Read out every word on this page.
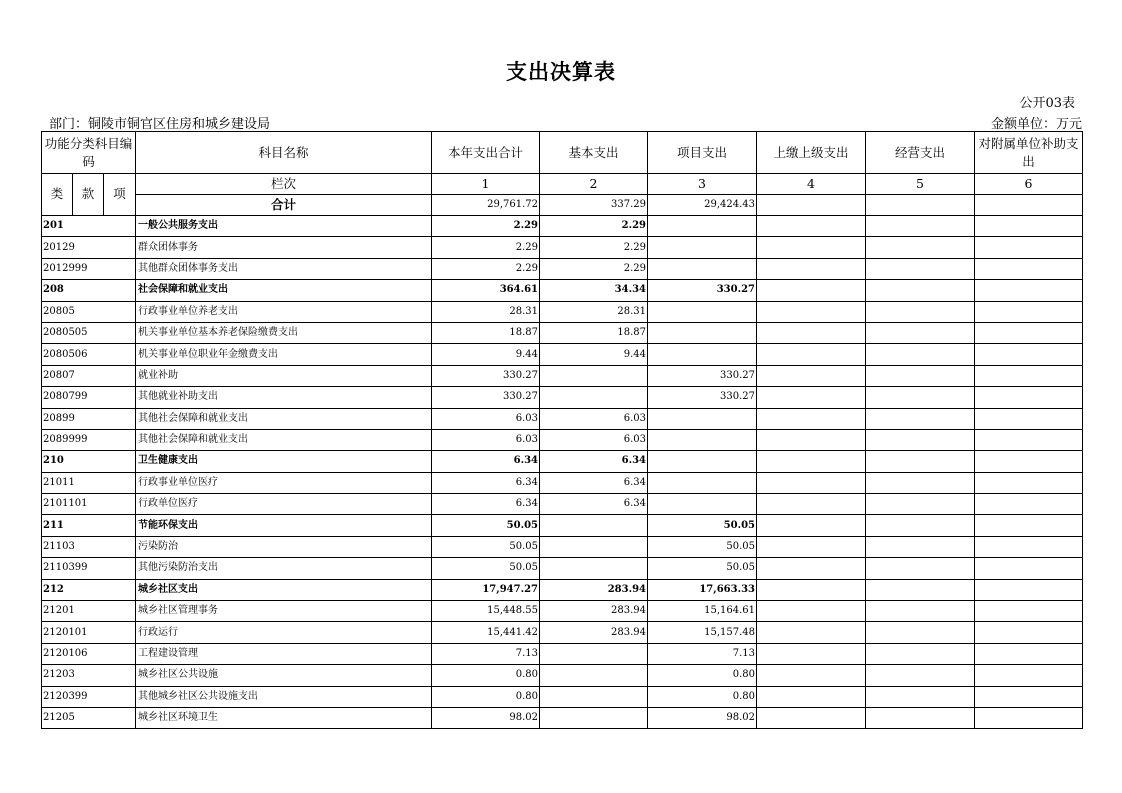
支出决算表
公开03表
部门：铜陵市铜官区住房和城乡建设局	金额单位：万元
功能分类科目编码			科目名称	本年支出合计	基本支出	项目支出	上缴上级支出	经营支出	对附属单位补助支出
类	款	项	栏次	1	2	3	4	5	6
			合计	29,761.72	337.29	29,424.43			
201			一般公共服务支出	2.29	2.29				
20129			群众团体事务	2.29	2.29				
2012999			其他群众团体事务支出	2.29	2.29				
208			社会保障和就业支出	364.61	34.34	330.27			
20805			行政事业单位养老支出	28.31	28.31				
2080505			机关事业单位基本养老保险缴费支出	18.87	18.87				
2080506			机关事业单位职业年金缴费支出	9.44	9.44				
20807			就业补助	330.27		330.27			
2080799			其他就业补助支出	330.27		330.27			
20899			其他社会保障和就业支出	6.03	6.03				
2089999			其他社会保障和就业支出	6.03	6.03				
210			卫生健康支出	6.34	6.34				
21011			行政事业单位医疗	6.34	6.34				
2101101			行政单位医疗	6.34	6.34				
211			节能环保支出	50.05		50.05			
21103			污染防治	50.05		50.05			
2110399			其他污染防治支出	50.05		50.05			
212			城乡社区支出	17,947.27	283.94	17,663.33			
21201			城乡社区管理事务	15,448.55	283.94	15,164.61			
2120101			行政运行	15,441.42	283.94	15,157.48			
2120106			工程建设管理	7.13		7.13			
21203			城乡社区公共设施	0.80		0.80			
2120399			其他城乡社区公共设施支出	0.80		0.80			
21205			城乡社区环境卫生	98.02		98.02			
